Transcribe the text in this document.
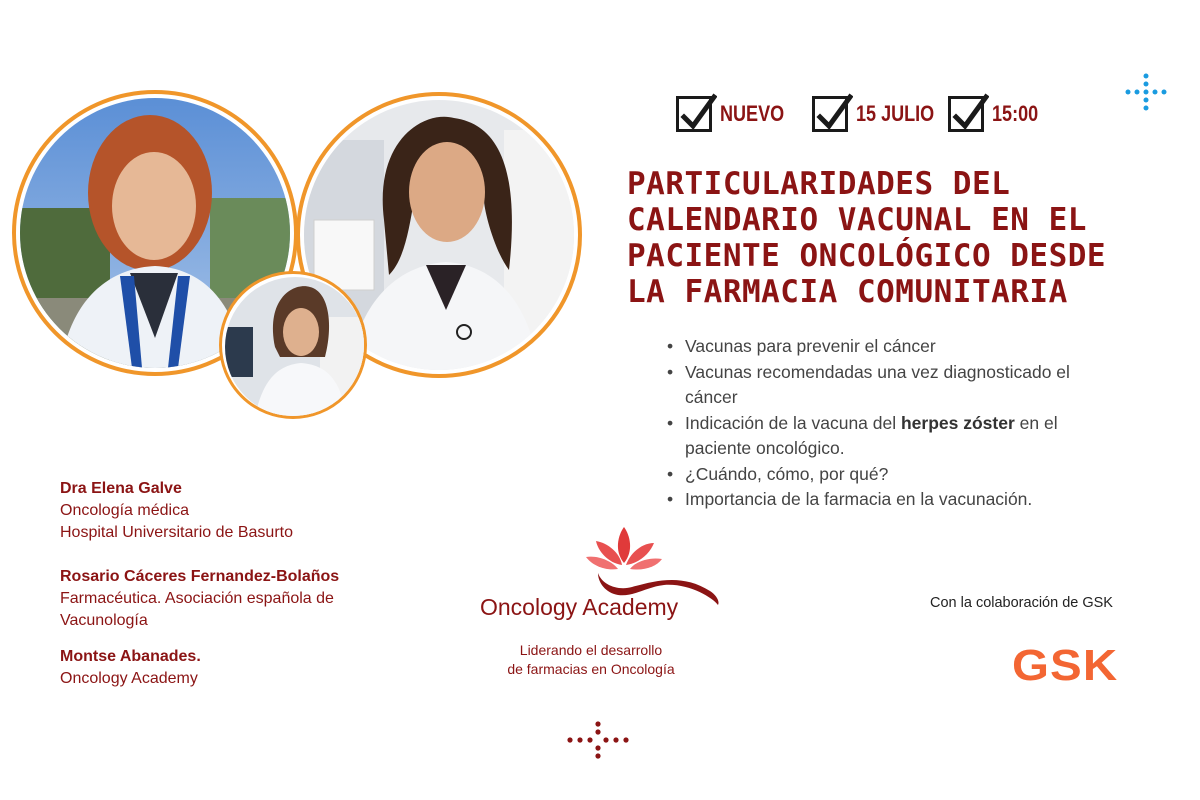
NUEVO	15 JULIO	15:00
PARTICULARIDADES DEL
CALENDARIO VACUNAL EN EL
PACIENTE ONCOLÓGICO DESDE
LA FARMACIA COMUNITARIA
• Vacunas para prevenir el cáncer
• Vacunas recomendadas una vez diagnosticado el cáncer
• Indicación de la vacuna del herpes zóster en el paciente oncológico.
• ¿Cuándo, cómo, por qué?
• Importancia de la farmacia en la vacunación.
Dra Elena Galve
Oncología médica
Hospital Universitario de Basurto
Rosario Cáceres Fernandez-Bolaños
Farmacéutica. Asociación española de Vacunología
Montse Abanades.
Oncology Academy
Oncology Academy
Liderando el desarrollo
de farmacias en Oncología
Con la colaboración de GSK
GSK
